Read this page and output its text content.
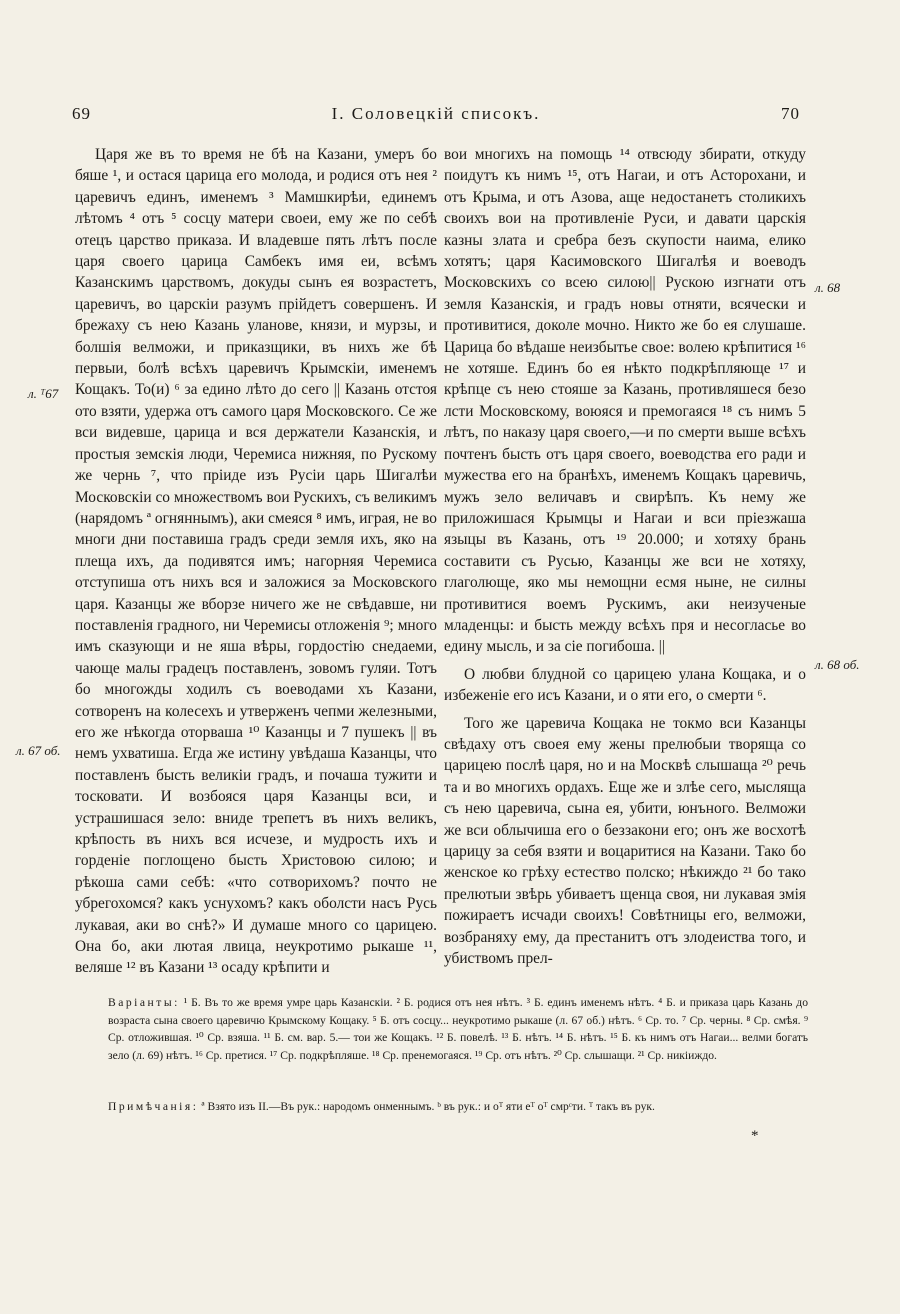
69	I. Соловецкій списокъ.	70

Царя же въ то время не бѣ на Казани, умеръ бо бяше ¹, и остася царица его молода, и родися отъ нея ² царевичъ единъ, именемъ ³ Мамшкирѣи, единемъ лѣтомъ ⁴ отъ ⁵ сосцу матери своеи, ему же по себѣ отецъ царство приказа. И владевше пять лѣтъ после царя своего царица Самбекъ имя еи, всѣмъ Казанскимъ царствомъ, докуды сынъ ея возрастетъ, царевичъ, во царскіи разумъ прійдетъ совершенъ. И брежаху съ нею Казань уланове, князи, и мурзы, и болшія велможи, и приказщики, въ нихъ же бѣ первыи, болѣ всѣхъ царевичъ Крымскіи, именемъ Кощакъ. То(и) ⁶ за едино лѣто до сего || Казань отстоя ото взяти, удержа отъ самого царя Московского. Се же вси видевше, царица и вся держатели Казанскія, и простыя земскія люди, Черемиса нижняя, по Рускому же чернь ⁷, что пріиде изъ Русіи царь Шигалѣи Московскіи со множествомъ вои Рускихъ, съ великимъ (нарядомъ ª огняннымъ), аки смеяся ⁸ имъ, играя, не во многи дни поставиша градъ среди земля ихъ, яко на плеща ихъ, да подивятся имъ; нагорняя Черемиса отступиша отъ нихъ вся и заложися за Московского царя. Казанцы же вборзе ничего же не свѣдавше, ни поставленія градного, ни Черемисы отложенія ⁹; много имъ сказующи и не яша вѣры, гордостію снедаеми, чающе малы градецъ поставленъ, зовомъ гуляи. Тотъ бо многожды ходилъ съ воеводами хъ Казани, сотворенъ на колесехъ и утверженъ чепми железными, его же нѣкогда оторваша ¹⁰ Казанцы и 7 пушекъ || въ немъ ухватиша. Егда же истину увѣдаша Казанцы, что поставленъ бысть великіи градъ, и почаша тужити и тосковати. И возбояся царя Казанцы вси, и устрашишася зело: вниде трепетъ въ нихъ великъ, крѣпость въ нихъ вся исчезе, и мудрость ихъ и горденіе поглощено бысть Христовою силою; и рѣкоша сами себѣ: «что сотворихомъ? почто не убрегохомся? какъ уснухомъ? какъ оболсти насъ Русь лукавая, аки во снѣ?» И думаше много со царицею. Она бо, аки лютая лвица, неукротимо рыкаше ¹¹, веляше ¹² въ Казани ¹³ осаду крѣпити и

вои многихъ на помощь ¹⁴ отвсюду збирати, откуду поидутъ къ нимъ ¹⁵, отъ Нагаи, и отъ Асторохани, и отъ Крыма, и отъ Азова, аще недостанетъ столикихъ своихъ вои на противленіе Руси, и давати царскія казны злата и сребра безъ скупости наима, елико хотятъ; царя Касимовского Шигалѣя и воеводъ Московскихъ со всею силою|| Рускою изгнати отъ земля Казанскія, и градъ новы отняти, всячески и противитися, доколе мочно. Никто же бо ея слушаше. Царица бо вѣдаше неизбытье свое: волею крѣпитися ¹⁶ не хотяше. Единъ бо ея нѣкто подкрѣпляюще ¹⁷ и крѣпце съ нею стояше за Казань, противляшеся безо лсти Московскому, воюяся и премогаяся ¹⁸ съ нимъ 5 лѣтъ, по наказу царя своего,—и по смерти выше всѣхъ почтенъ бысть отъ царя своего, воеводства его ради и мужества его на бранѣхъ, именемъ Кощакъ царевичь, мужъ зело величавъ и свирѣпъ. Къ нему же приложишася Крымцы и Нагаи и вси пріезжаша языцы въ Казань, отъ ¹⁹ 20.000; и хотяху брань составити съ Русью, Казанцы же вси не хотяху, глаголюще, яко мы немощни есмя ныне, не силны противитися воемъ Рускимъ, аки неизученые младенцы: и бысть между всѣхъ пря и несогласье во едину мысль, и за сіе погибоша. ||

О любви блудной со царицею улана Кощака, и о избеженіе его исъ Казани, и о яти его, о смерти ⁶.

Того же царевича Кощака не токмо вси Казанцы свѣдаху отъ своея ему жены прелюбыи творяща со царицею послѣ царя, но и на Москвѣ слышаща ²⁰ речь та и во многихъ ордахъ. Еще же и злѣе сего, мысляща съ нею царевича, сына ея, убити, юнъного. Велможи же вси облычиша его о беззакони его; онъ же восхотѣ царицу за себя взяти и воцаритися на Казани. Тако бо женское ко грѣху естество полско; нѣкиждо ²¹ бо тако прелютыи звѣрь убиваетъ щенца своя, ни лукавая змія пожираетъ исчади своихъ! Совѣтницы его, велможи, возбраняху ему, да престанитъ отъ злодеиства того, и убиствомъ прел-

л. ᵀ67
л. 67 об.
л. 68
л. 68 об.
Варіанты: ¹ Б. Въ то же время умре царь Казанскіи. ² Б. родися отъ нея нѣтъ. ³ Б. единъ именемъ нѣтъ. ⁴ Б. и приказа царь Казань до возраста сына своего царевичю Крымскому Кощаку. ⁵ Б. отъ сосцу... неукротимо рыкаше (л. 67 об.) нѣтъ. ⁶ Ср. то. ⁷ Ср. черны. ⁸ Ср. смѣя. ⁹ Ср. отложившая. ¹⁰ Ср. взяша. ¹¹ Б. см. вар. 5.— тои же Кощакъ. ¹² Б. повелѣ. ¹³ Б. нѣтъ. ¹⁴ Б. нѣтъ. ¹⁵ Б. къ нимъ отъ Нагаи... велми богатъ зело (л. 69) нѣтъ. ¹⁶ Ср. претися. ¹⁷ Ср. подкрѣпляше. ¹⁸ Ср. пренемогаяся. ¹⁹ Ср. отъ нѣтъ. ²⁰ Ср. слышащи. ²¹ Ср. никіиждо.
Примѣчанія: ª Взято изъ II.—Въ рук.: народомъ онменнымъ. ᵇ въ рук.: и оᵀ яти еᵀ оᵀ смрᶜти. ᵀ такъ въ рук.
*
